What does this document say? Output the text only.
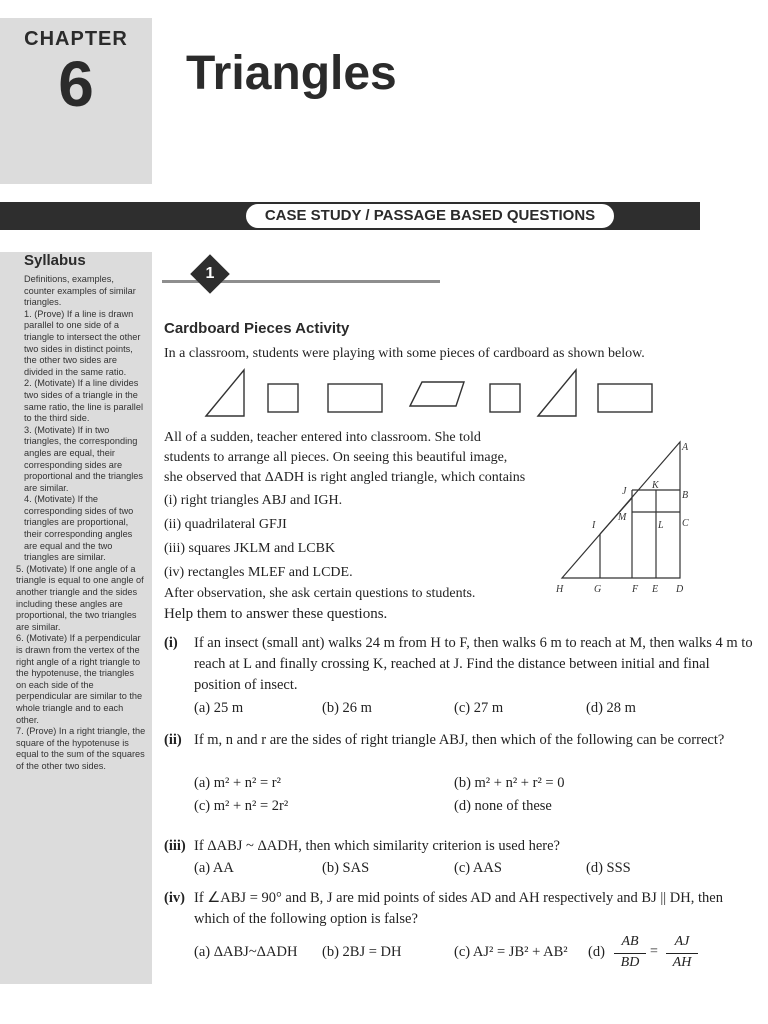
CHAPTER
6	Triangles
CASE STUDY / PASSAGE BASED QUESTIONS
Syllabus

Definitions, examples, counter examples of similar triangles.

1. (Prove) If a line is drawn parallel to one side of a triangle to intersect the other two sides in distinct points, the other two sides are divided in the same ratio.

2. (Motivate) If a line divides two sides of a triangle in the same ratio, the line is parallel to the third side.

3. (Motivate) If in two triangles, the corresponding angles are equal, their corresponding sides are proportional and the triangles are similar.

4. (Motivate) If the corresponding sides of two triangles are proportional, their corresponding angles are equal and the two triangles are similar.

5. (Motivate) If one angle of a triangle is equal to one angle of another triangle and the sides including these angles are proportional, the two triangles are similar.

6. (Motivate) If a perpendicular is drawn from the vertex of the right angle of a right triangle to the hypotenuse, the triangles on each side of the perpendicular are similar to the whole triangle and to each other.

7. (Prove) In a right triangle, the square of the hypotenuse is equal to the sum of the squares of the other two sides.

1
Cardboard Pieces Activity
In a classroom, students were playing with some pieces of cardboard as shown below.
All of a sudden, teacher entered into classroom. She told
students to arrange all pieces. On seeing this beautiful image,
she observed that ΔADH is right angled triangle, which contains
(i) right triangles ABJ and IGH.
(ii) quadrilateral GFJI
(iii) squares JKLM and LCBK
(iv) rectangles MLEF and LCDE.
After observation, she ask certain questions to students.
Help them to answer these questions.
A
K
B
J
M
L C
I
H	G	F E D
(i) If an insect (small ant) walks 24 m from H to F, then walks 6 m to reach at M, then walks 4 m to reach at L and finally crossing K, reached at J. Find the distance between initial and final position of insect.
(a) 25 m	(b) 26 m	(c) 27 m	(d) 28 m
(ii) If m, n and r are the sides of right triangle ABJ, then which of the following can be correct?
(a) m² + n² = r²	(b) m² + n² + r² = 0
(c) m² + n² = 2r²	(d) none of these
(iii) If ΔABJ ~ ΔADH, then which similarity criterion is used here?
(a) AA	(b) SAS	(c) AAS	(d) SSS
(iv) If ∠ABJ = 90° and B, J are mid points of sides AD and AH respectively and BJ || DH, then which of the following option is false?
(a) ΔABJ~ΔADH (b) 2BJ = DH	(c) AJ² = JB² + AB² (d)
AB
BD
=
AJ
AH
